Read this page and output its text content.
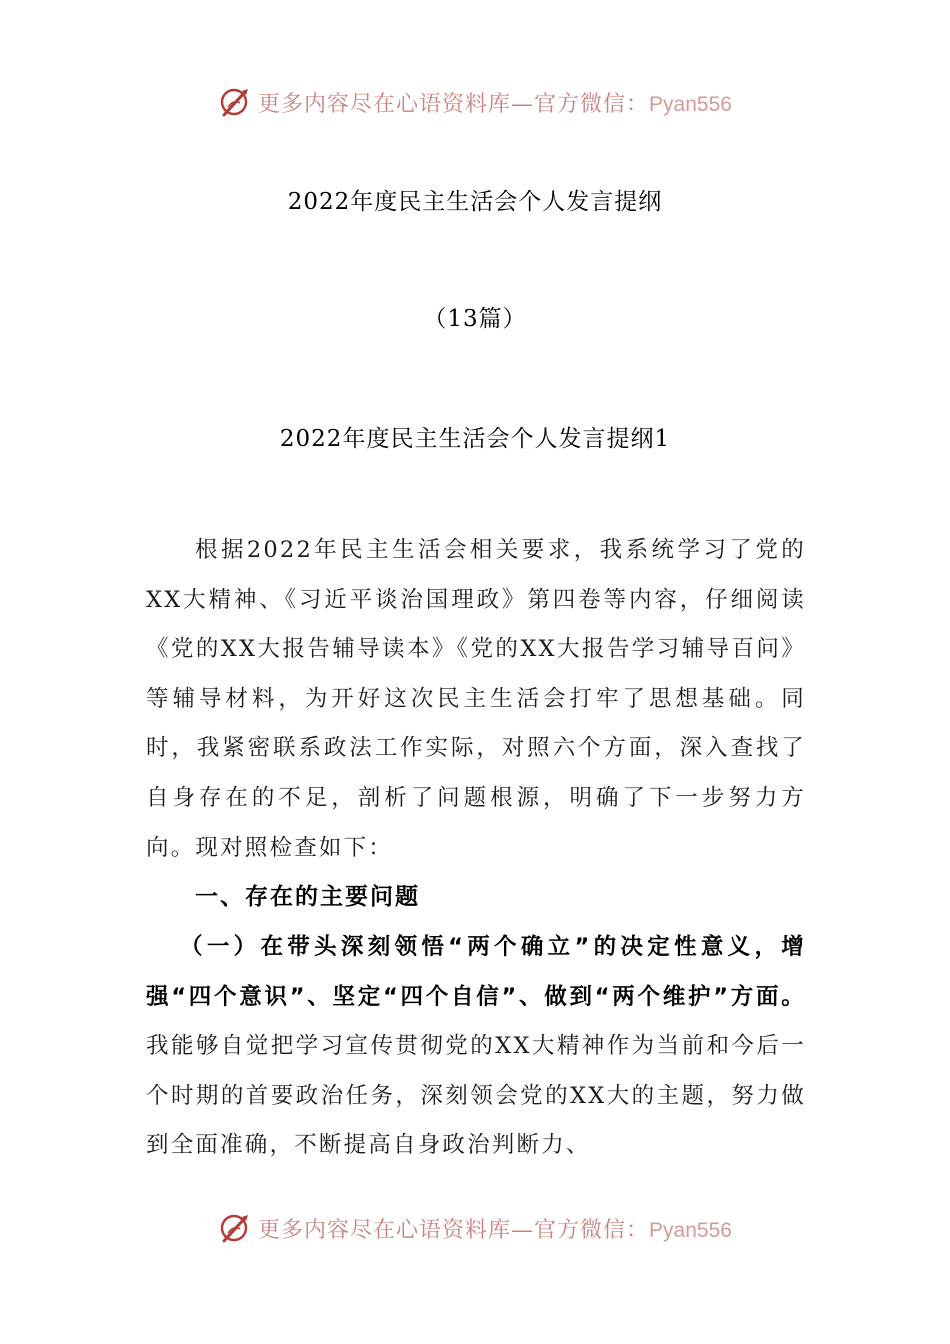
更多内容尽在心语资料库—官方微信：Pyan556
2022年度民主生活会个人发言提纲
（13篇）
2022年度民主生活会个人发言提纲1
根据2022年民主生活会相关要求，我系统学习了党的XX大精神、《习近平谈治国理政》第四卷等内容，仔细阅读《党的XX大报告辅导读本》《党的XX大报告学习辅导百问》等辅导材料，为开好这次民主生活会打牢了思想基础。同时，我紧密联系政法工作实际，对照六个方面，深入查找了自身存在的不足，剖析了问题根源，明确了下一步努力方向。现对照检查如下：
一、存在的主要问题
（一）在带头深刻领悟“两个确立”的决定性意义，增强“四个意识”、坚定“四个自信”、做到“两个维护”方面。我能够自觉把学习宣传贯彻党的XX大精神作为当前和今后一个时期的首要政治任务，深刻领会党的XX大的主题，努力做到全面准确，不断提高自身政治判断力、
更多内容尽在心语资料库—官方微信：Pyan556
